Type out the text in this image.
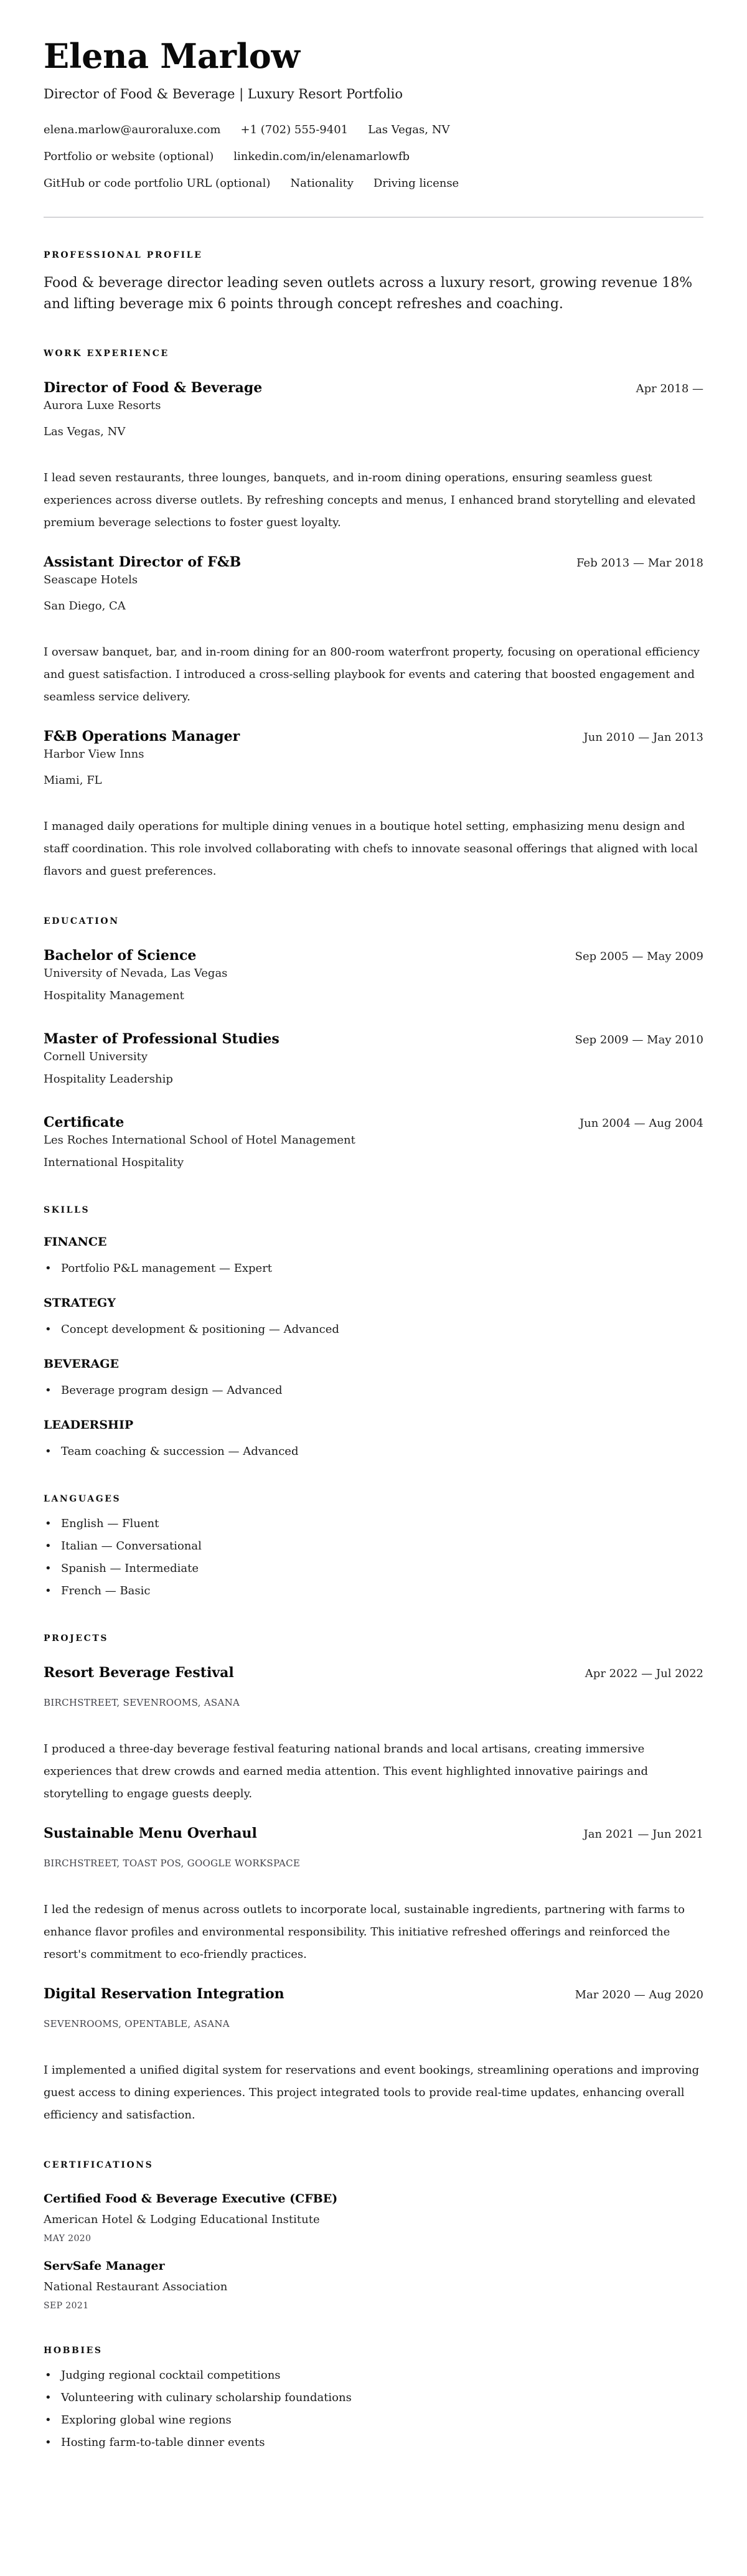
Elena Marlow
Director of Food & Beverage | Luxury Resort Portfolio
elena.marlow@auroraluxe.com +1 (702) 555-9401 Las Vegas, NV
Portfolio or website (optional) linkedin.com/in/elenamarlowfb
GitHub or code portfolio URL (optional) Nationality Driving license
PROFESSIONAL PROFILE

Food & beverage director leading seven outlets across a luxury resort, growing revenue 18% and lifting beverage mix 6 points through concept refreshes and coaching.

WORK EXPERIENCE
Director of Food & Beverage	Apr 2018 —
Aurora Luxe Resorts
Las Vegas, NV

I lead seven restaurants, three lounges, banquets, and in-room dining operations, ensuring seamless guest experiences across diverse outlets. By refreshing concepts and menus, I enhanced brand storytelling and elevated premium beverage selections to foster guest loyalty.

Assistant Director of F&B	Feb 2013 — Mar 2018
Seascape Hotels
San Diego, CA

I oversaw banquet, bar, and in-room dining for an 800-room waterfront property, focusing on operational efficiency and guest satisfaction. I introduced a cross-selling playbook for events and catering that boosted engagement and seamless service delivery.

F&B Operations Manager	Jun 2010 — Jan 2013
Harbor View Inns
Miami, FL

I managed daily operations for multiple dining venues in a boutique hotel setting, emphasizing menu design and staff coordination. This role involved collaborating with chefs to innovate seasonal offerings that aligned with local flavors and guest preferences.

EDUCATION
Bachelor of Science	Sep 2005 — May 2009
University of Nevada, Las Vegas
Hospitality Management
Master of Professional Studies	Sep 2009 — May 2010
Cornell University
Hospitality Leadership
Certificate	Jun 2004 — Aug 2004
Les Roches International School of Hotel Management
International Hospitality
SKILLS
FINANCE
• Portfolio P&L management — Expert
STRATEGY
• Concept development & positioning — Advanced
BEVERAGE
• Beverage program design — Advanced
LEADERSHIP
• Team coaching & succession — Advanced
LANGUAGES
• English — Fluent
• Italian — Conversational
• Spanish — Intermediate
• French — Basic
PROJECTS
Resort Beverage Festival	Apr 2022 — Jul 2022
BIRCHSTREET, SEVENROOMS, ASANA

I produced a three-day beverage festival featuring national brands and local artisans, creating immersive experiences that drew crowds and earned media attention. This event highlighted innovative pairings and storytelling to engage guests deeply.

Sustainable Menu Overhaul	Jan 2021 — Jun 2021
BIRCHSTREET, TOAST POS, GOOGLE WORKSPACE

I led the redesign of menus across outlets to incorporate local, sustainable ingredients, partnering with farms to enhance flavor profiles and environmental responsibility. This initiative refreshed offerings and reinforced the resort's commitment to eco-friendly practices.

Digital Reservation Integration	Mar 2020 — Aug 2020
SEVENROOMS, OPENTABLE, ASANA

I implemented a unified digital system for reservations and event bookings, streamlining operations and improving guest access to dining experiences. This project integrated tools to provide real-time updates, enhancing overall efficiency and satisfaction.

CERTIFICATIONS
Certified Food & Beverage Executive (CFBE)
American Hotel & Lodging Educational Institute
MAY 2020
ServSafe Manager
National Restaurant Association
SEP 2021
HOBBIES
• Judging regional cocktail competitions
• Volunteering with culinary scholarship foundations
• Exploring global wine regions
• Hosting farm-to-table dinner events
